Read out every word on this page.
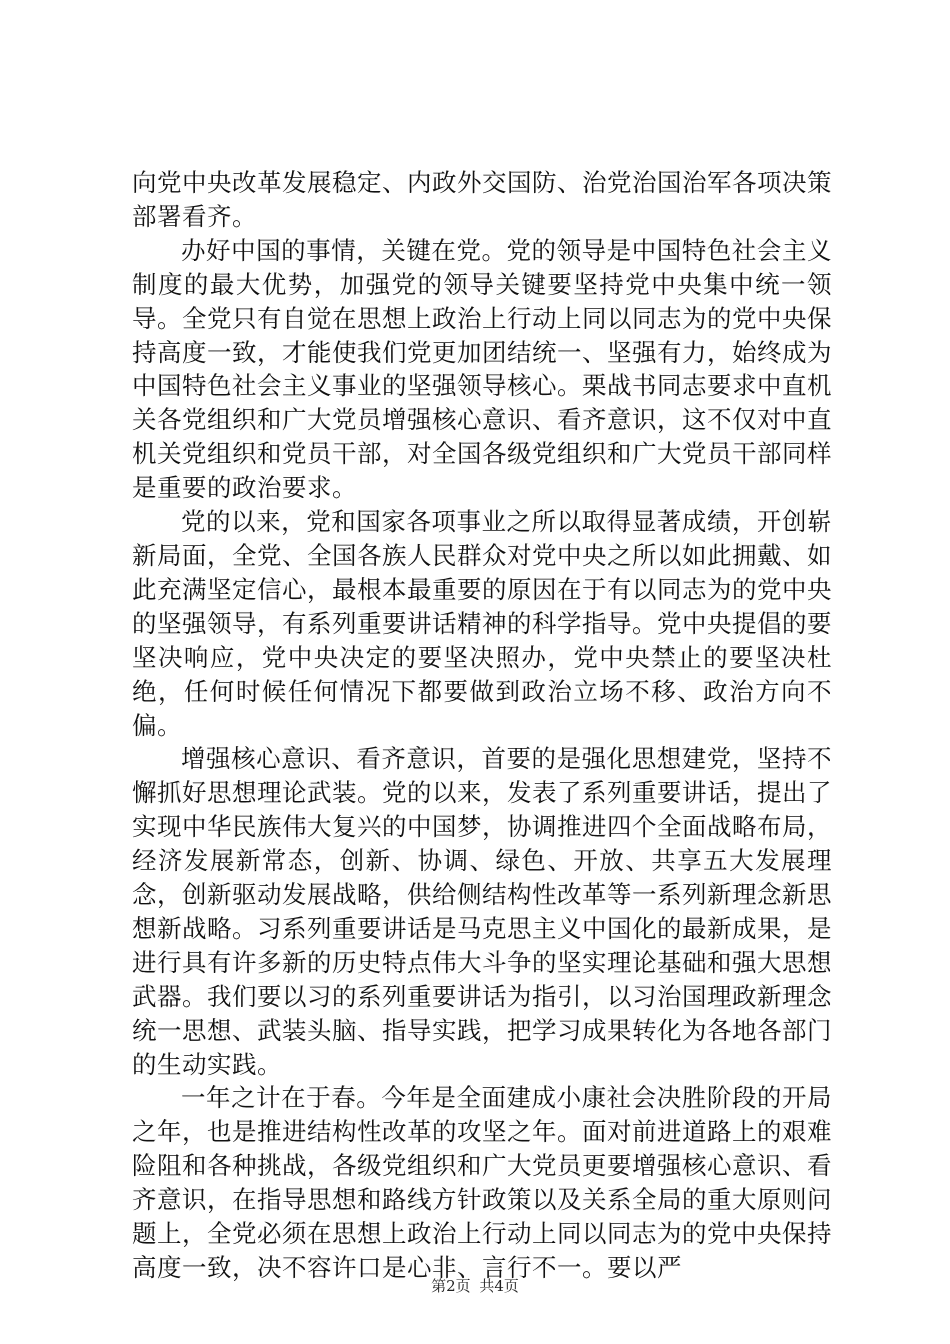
向党中央改革发展稳定、内政外交国防、治党治国治军各项决策部署看齐。

办好中国的事情，关键在党。党的领导是中国特色社会主义制度的最大优势，加强党的领导关键要坚持党中央集中统一领导。全党只有自觉在思想上政治上行动上同以同志为的党中央保持高度一致，才能使我们党更加团结统一、坚强有力，始终成为中国特色社会主义事业的坚强领导核心。栗战书同志要求中直机关各党组织和广大党员增强核心意识、看齐意识，这不仅对中直机关党组织和党员干部，对全国各级党组织和广大党员干部同样是重要的政治要求。

党的以来，党和国家各项事业之所以取得显著成绩，开创崭新局面，全党、全国各族人民群众对党中央之所以如此拥戴、如此充满坚定信心，最根本最重要的原因在于有以同志为的党中央的坚强领导，有系列重要讲话精神的科学指导。党中央提倡的要坚决响应，党中央决定的要坚决照办，党中央禁止的要坚决杜绝，任何时候任何情况下都要做到政治立场不移、政治方向不偏。

增强核心意识、看齐意识，首要的是强化思想建党，坚持不懈抓好思想理论武装。党的以来，发表了系列重要讲话，提出了实现中华民族伟大复兴的中国梦，协调推进四个全面战略布局，经济发展新常态，创新、协调、绿色、开放、共享五大发展理念，创新驱动发展战略，供给侧结构性改革等一系列新理念新思想新战略。习系列重要讲话是马克思主义中国化的最新成果，是进行具有许多新的历史特点伟大斗争的坚实理论基础和强大思想武器。我们要以习的系列重要讲话为指引，以习治国理政新理念统一思想、武装头脑、指导实践，把学习成果转化为各地各部门的生动实践。

一年之计在于春。今年是全面建成小康社会决胜阶段的开局之年，也是推进结构性改革的攻坚之年。面对前进道路上的艰难险阻和各种挑战，各级党组织和广大党员更要增强核心意识、看齐意识，在指导思想和路线方针政策以及关系全局的重大原则问题上，全党必须在思想上政治上行动上同以同志为的党中央保持高度一致，决不容许口是心非、言行不一。要以严

第2页 共4页
